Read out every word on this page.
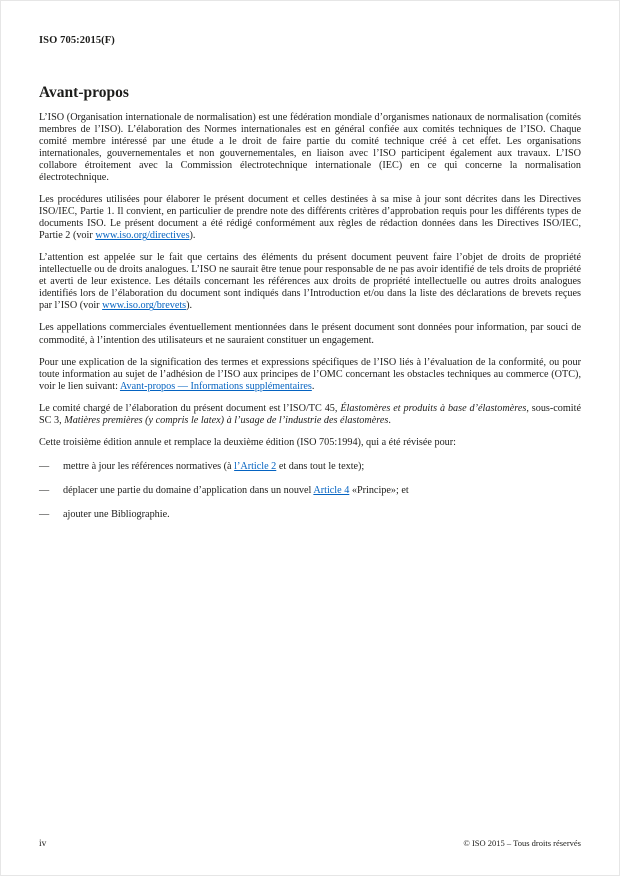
ISO 705:2015(F)
Avant-propos
L’ISO (Organisation internationale de normalisation) est une fédération mondiale d’organismes nationaux de normalisation (comités membres de l’ISO). L’élaboration des Normes internationales est en général confiée aux comités techniques de l’ISO. Chaque comité membre intéressé par une étude a le droit de faire partie du comité technique créé à cet effet. Les organisations internationales, gouvernementales et non gouvernementales, en liaison avec l’ISO participent également aux travaux. L’ISO collabore étroitement avec la Commission électrotechnique internationale (IEC) en ce qui concerne la normalisation électrotechnique.
Les procédures utilisées pour élaborer le présent document et celles destinées à sa mise à jour sont décrites dans les Directives ISO/IEC, Partie 1. Il convient, en particulier de prendre note des différents critères d’approbation requis pour les différents types de documents ISO. Le présent document a été rédigé conformément aux règles de rédaction données dans les Directives ISO/IEC, Partie 2 (voir www.iso.org/directives).
L’attention est appelée sur le fait que certains des éléments du présent document peuvent faire l’objet de droits de propriété intellectuelle ou de droits analogues. L’ISO ne saurait être tenue pour responsable de ne pas avoir identifié de tels droits de propriété et averti de leur existence. Les détails concernant les références aux droits de propriété intellectuelle ou autres droits analogues identifiés lors de l’élaboration du document sont indiqués dans l’Introduction et/ou dans la liste des déclarations de brevets reçues par l’ISO (voir www.iso.org/brevets).
Les appellations commerciales éventuellement mentionnées dans le présent document sont données pour information, par souci de commodité, à l’intention des utilisateurs et ne sauraient constituer un engagement.
Pour une explication de la signification des termes et expressions spécifiques de l’ISO liés à l’évaluation de la conformité, ou pour toute information au sujet de l’adhésion de l’ISO aux principes de l’OMC concernant les obstacles techniques au commerce (OTC), voir le lien suivant: Avant-propos — Informations supplémentaires.
Le comité chargé de l’élaboration du présent document est l’ISO/TC 45, Élastomères et produits à base d’élastomères, sous-comité SC 3, Matières premières (y compris le latex) à l’usage de l’industrie des élastomères.
Cette troisième édition annule et remplace la deuxième édition (ISO 705:1994), qui a été révisée pour:
— mettre à jour les références normatives (à l’Article 2 et dans tout le texte);
— déplacer une partie du domaine d’application dans un nouvel Article 4 «Principe»; et
— ajouter une Bibliographie.
iv	© ISO 2015 – Tous droits réservés
